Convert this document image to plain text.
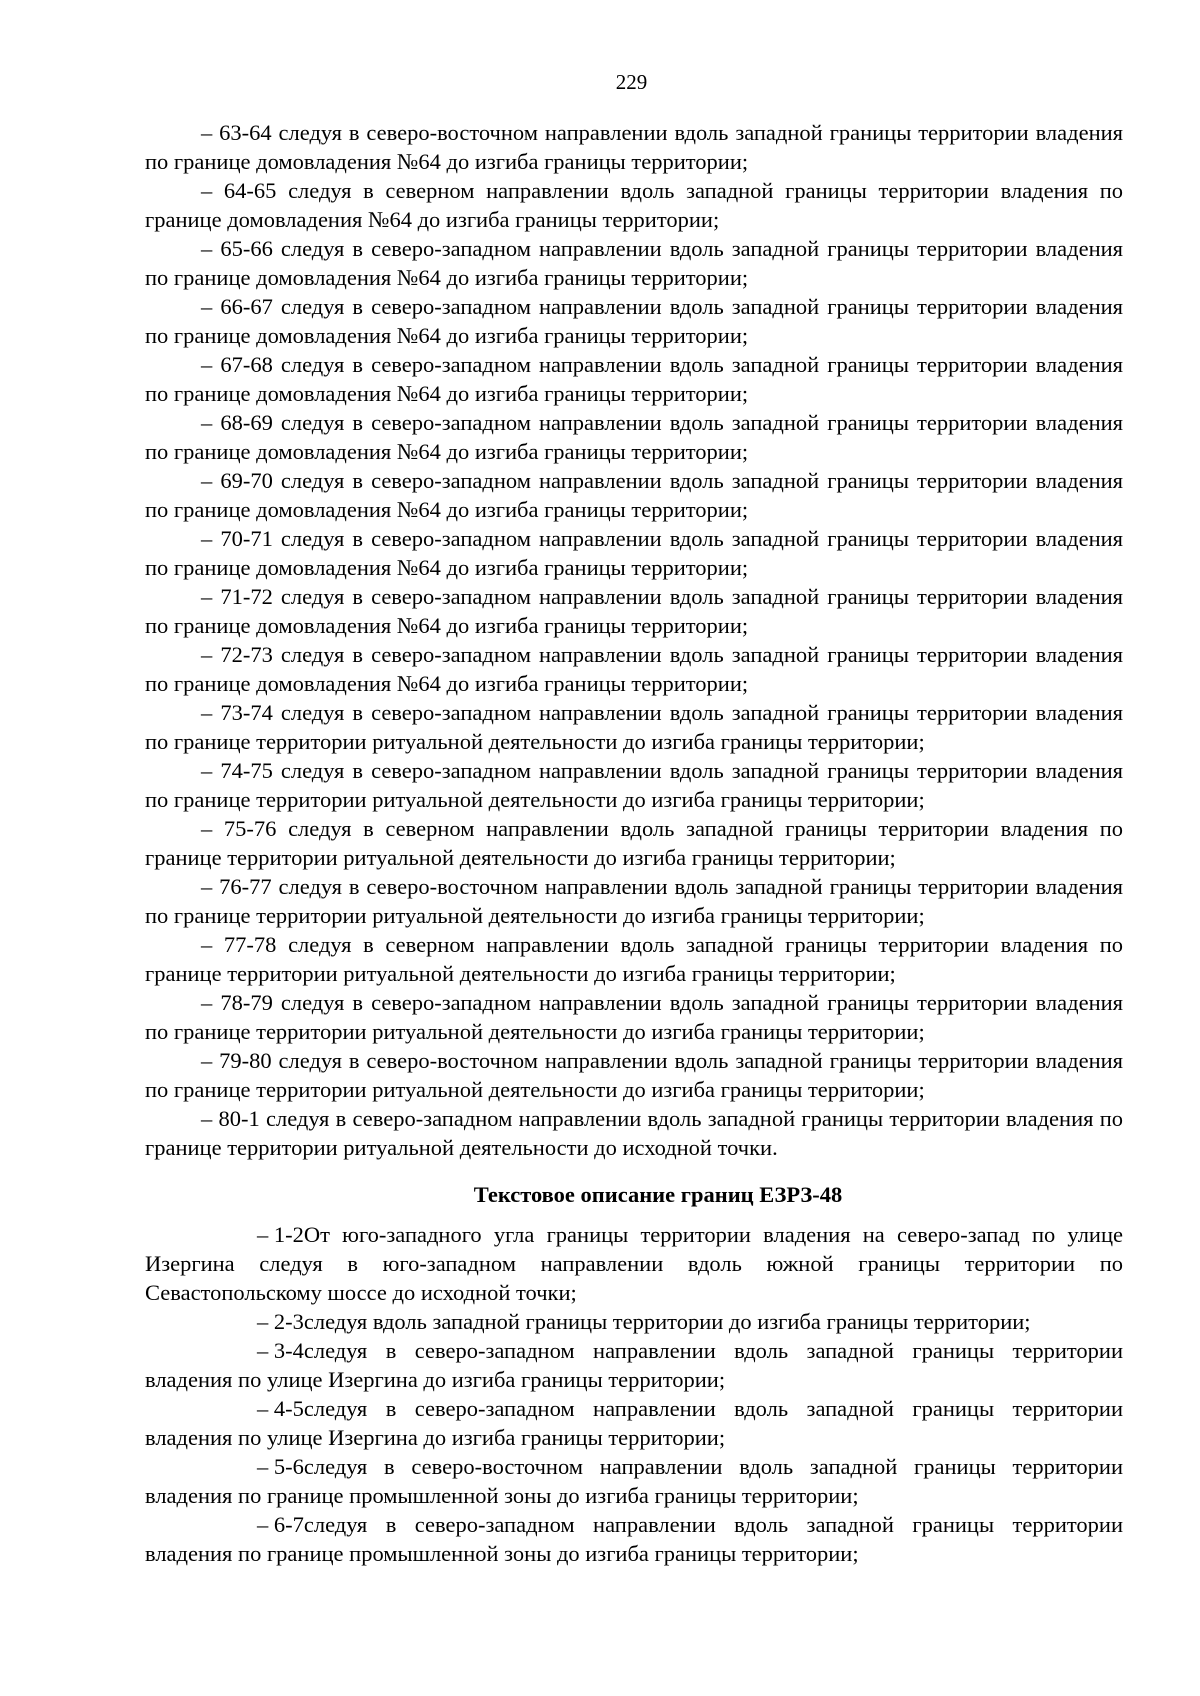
229

– 63-64 следуя в северо-восточном направлении вдоль западной границы территории владения по границе домовладения №64 до изгиба границы территории;

– 64-65 следуя в северном направлении вдоль западной границы территории владения по границе домовладения №64 до изгиба границы территории;

– 65-66 следуя в северо-западном направлении вдоль западной границы территории владения по границе домовладения №64 до изгиба границы территории;

– 66-67 следуя в северо-западном направлении вдоль западной границы территории владения по границе домовладения №64 до изгиба границы территории;

– 67-68 следуя в северо-западном направлении вдоль западной границы территории владения по границе домовладения №64 до изгиба границы территории;

– 68-69 следуя в северо-западном направлении вдоль западной границы территории владения по границе домовладения №64 до изгиба границы территории;

– 69-70 следуя в северо-западном направлении вдоль западной границы территории владения по границе домовладения №64 до изгиба границы территории;

– 70-71 следуя в северо-западном направлении вдоль западной границы территории владения по границе домовладения №64 до изгиба границы территории;

– 71-72 следуя в северо-западном направлении вдоль западной границы территории владения по границе домовладения №64 до изгиба границы территории;

– 72-73 следуя в северо-западном направлении вдоль западной границы территории владения по границе домовладения №64 до изгиба границы территории;

– 73-74 следуя в северо-западном направлении вдоль западной границы территории владения по границе территории ритуальной деятельности до изгиба границы территории;

– 74-75 следуя в северо-западном направлении вдоль западной границы территории владения по границе территории ритуальной деятельности до изгиба границы территории;

– 75-76 следуя в северном направлении вдоль западной границы территории владения по границе территории ритуальной деятельности до изгиба границы территории;

– 76-77 следуя в северо-восточном направлении вдоль западной границы территории владения по границе территории ритуальной деятельности до изгиба границы территории;

– 77-78 следуя в северном направлении вдоль западной границы территории владения по границе территории ритуальной деятельности до изгиба границы территории;

– 78-79 следуя в северо-западном направлении вдоль западной границы территории владения по границе территории ритуальной деятельности до изгиба границы территории;

– 79-80 следуя в северо-восточном направлении вдоль западной границы территории владения по границе территории ритуальной деятельности до изгиба границы территории;

– 80-1 следуя в северо-западном направлении вдоль западной границы территории владения по границе территории ритуальной деятельности до исходной точки.

Текстовое описание границ ЕЗРЗ-48

– 1-2От юго-западного угла границы территории владения на северо-запад по улице Изергина следуя в юго-западном направлении вдоль южной границы территории по Севастопольскому шоссе до исходной точки;

– 2-3следуя вдоль западной границы территории до изгиба границы территории;

– 3-4следуя в северо-западном направлении вдоль западной границы территории владения по улице Изергина до изгиба границы территории;

– 4-5следуя в северо-западном направлении вдоль западной границы территории владения по улице Изергина до изгиба границы территории;

– 5-6следуя в северо-восточном направлении вдоль западной границы территории владения по границе промышленной зоны до изгиба границы территории;

– 6-7следуя в северо-западном направлении вдоль западной границы территории владения по границе промышленной зоны до изгиба границы территории;
